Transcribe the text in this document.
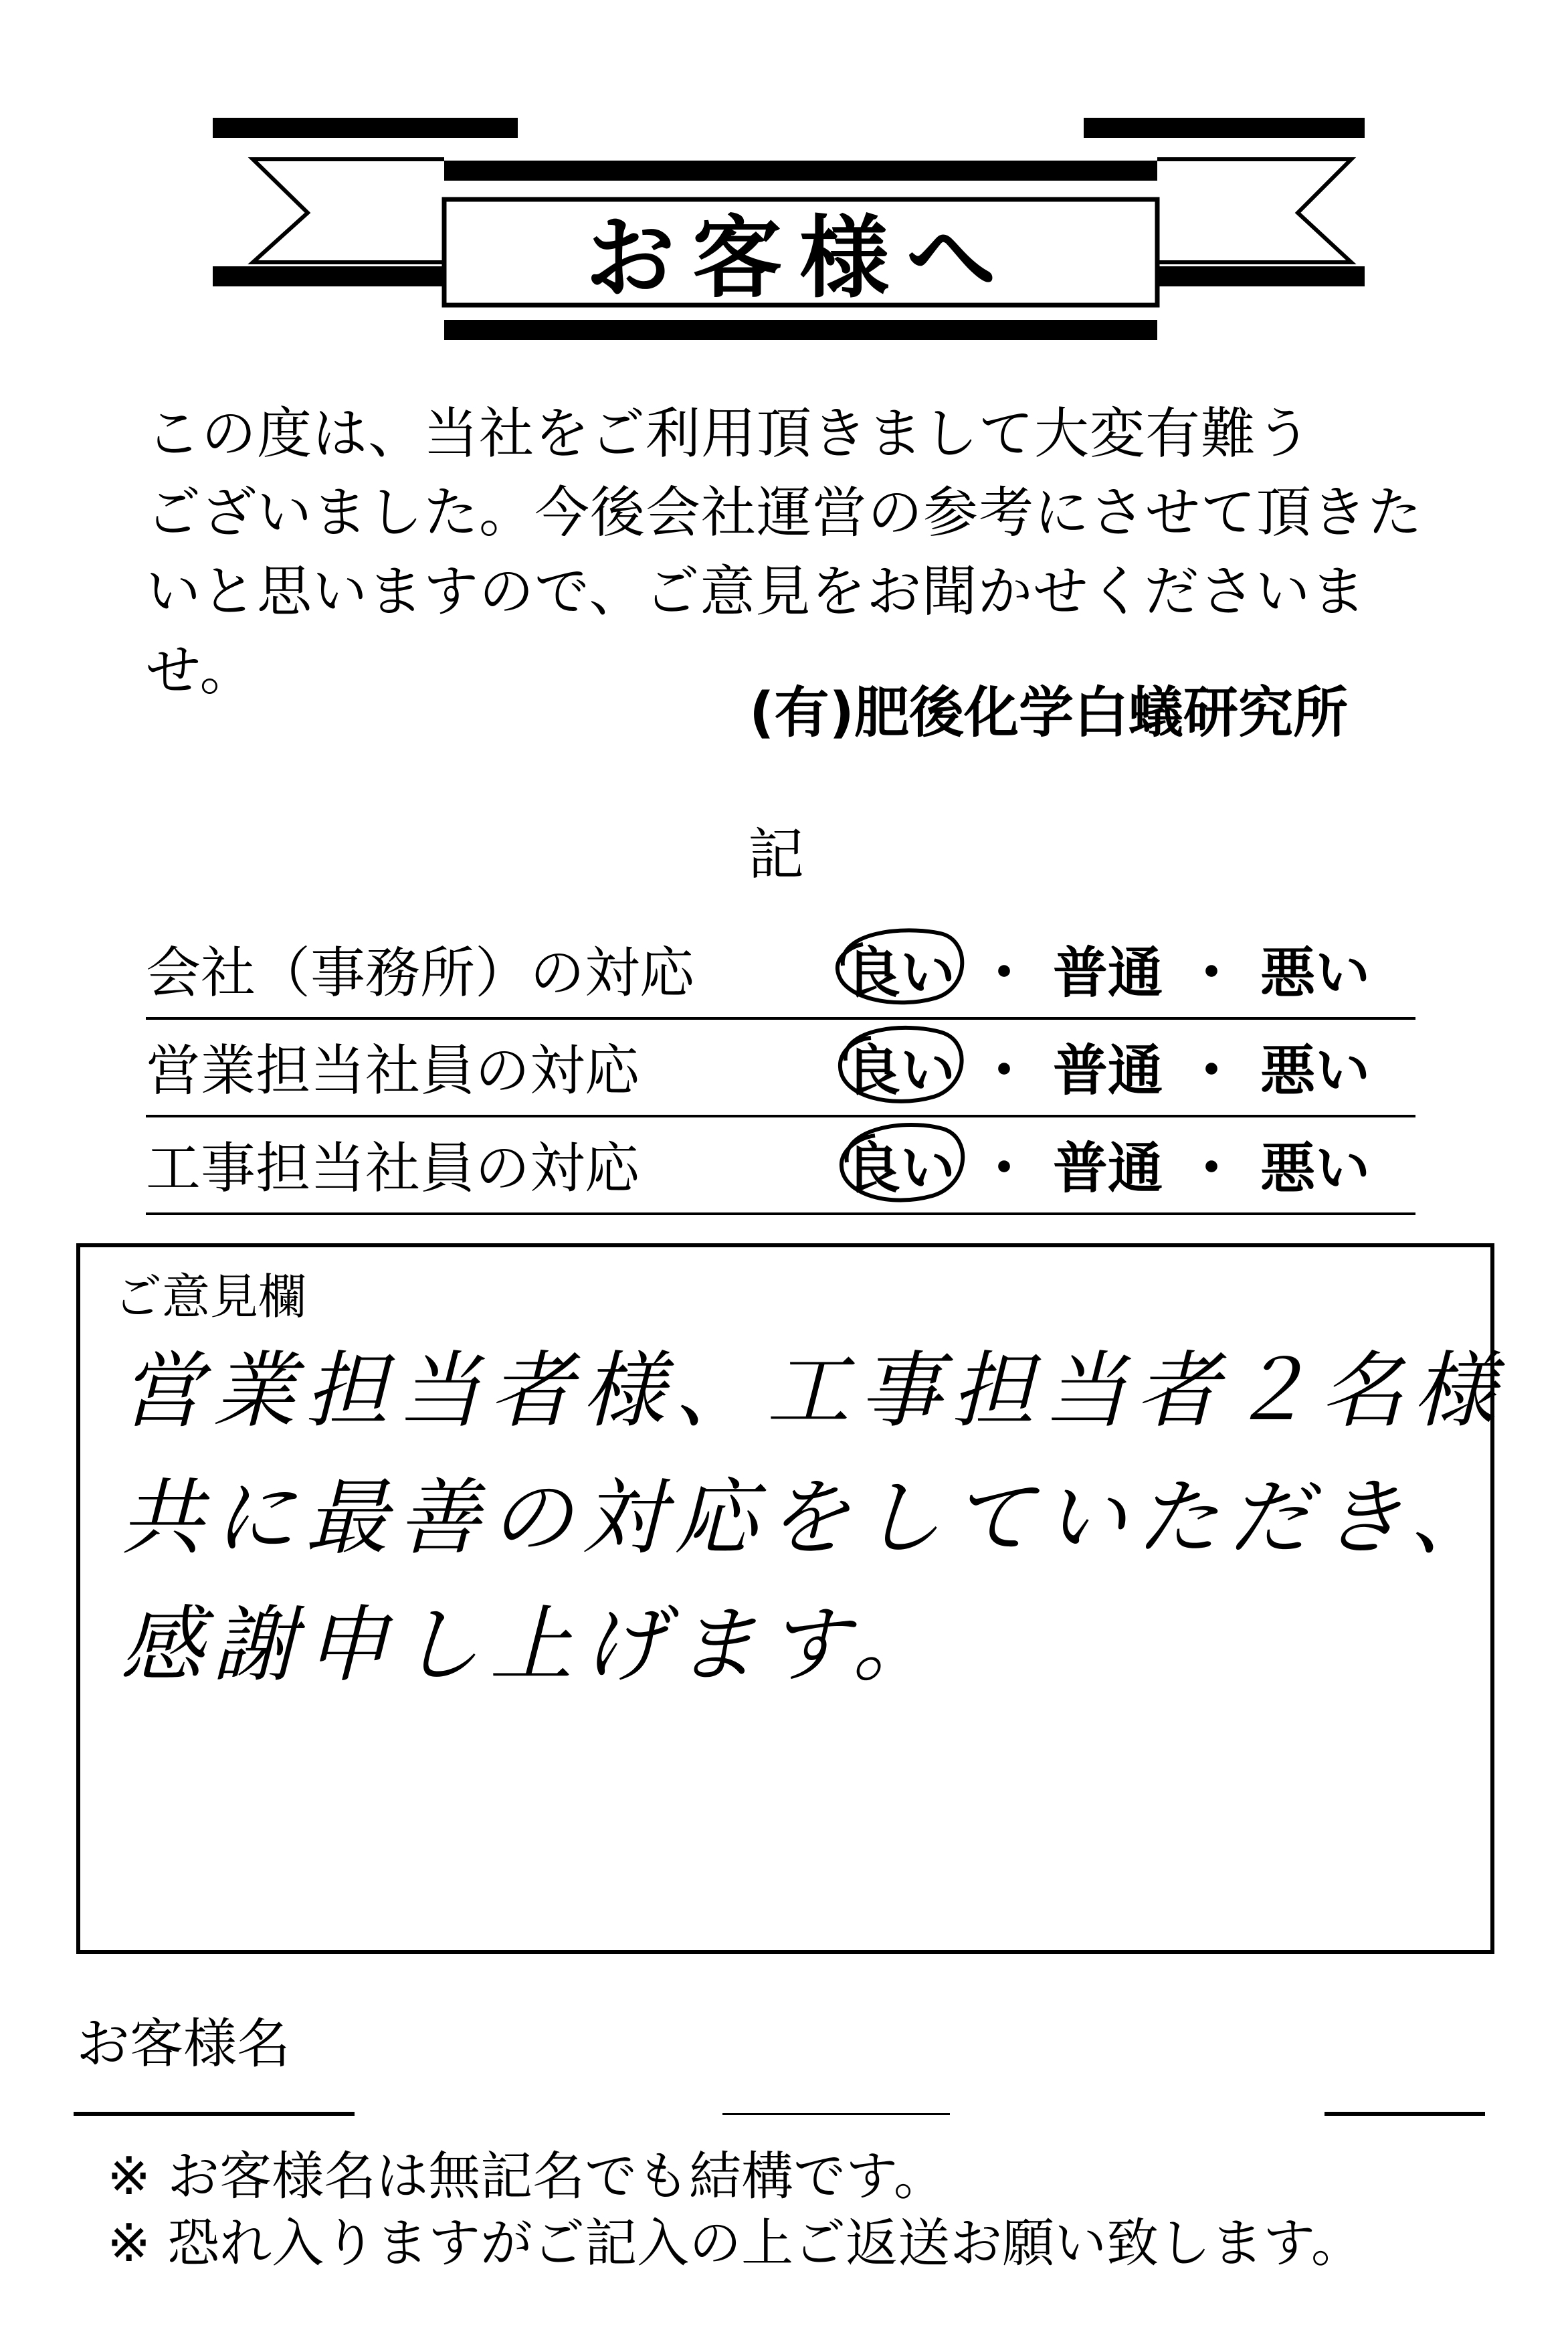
お客様へ
この度は、当社をご利用頂きまして大変有難う
ございました。今後会社運営の参考にさせて頂きた
いと思いますので、ご意見をお聞かせくださいませ。
(有)肥後化学白蟻研究所
記
会社（事務所）の対応	良い ・ 普通 ・ 悪い
営業担当社員の対応	良い ・ 普通 ・ 悪い
工事担当社員の対応	良い ・ 普通 ・ 悪い
ご意見欄
営業担当者様、工事担当者２名様
共に最善の対応をしていただき、
感謝申し上げます。
お客様名
※ お客様名は無記名でも結構です。
※ 恐れ入りますがご記入の上ご返送お願い致します。
